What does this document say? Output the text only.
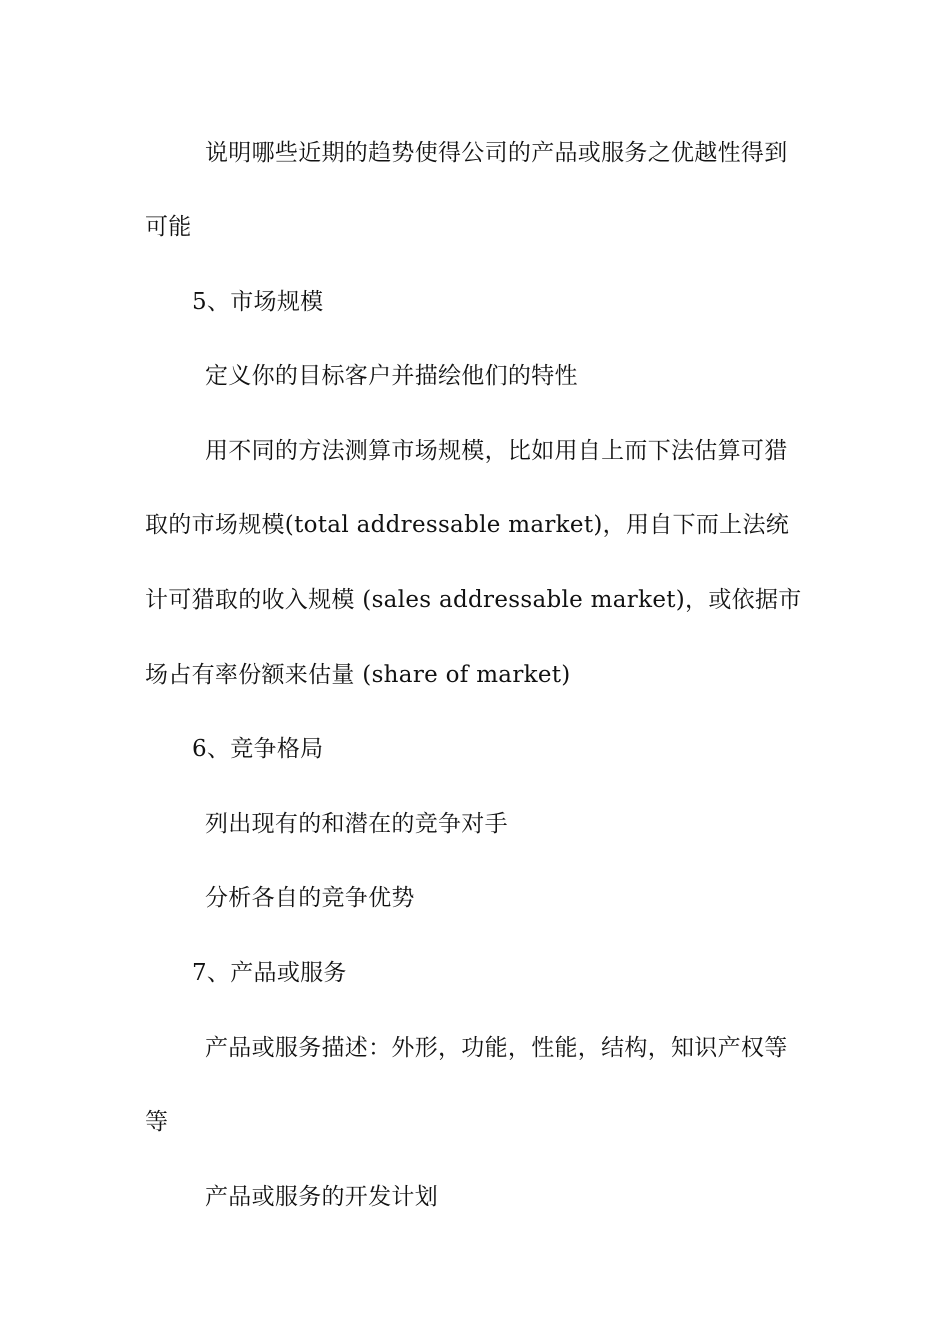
说明哪些近期的趋势使得公司的产品或服务之优越性得到
可能
5、市场规模
定义你的目标客户并描绘他们的特性
用不同的方法测算市场规模，比如用自上而下法估算可猎
取的市场规模(total addressable market)，用自下而上法统
计可猎取的收入规模 (sales addressable market)，或依据市
场占有率份额来估量 (share of market)
6、竞争格局
列出现有的和潜在的竞争对手
分析各自的竞争优势
7、产品或服务
产品或服务描述：外形，功能，性能，结构，知识产权等
等
产品或服务的开发计划
